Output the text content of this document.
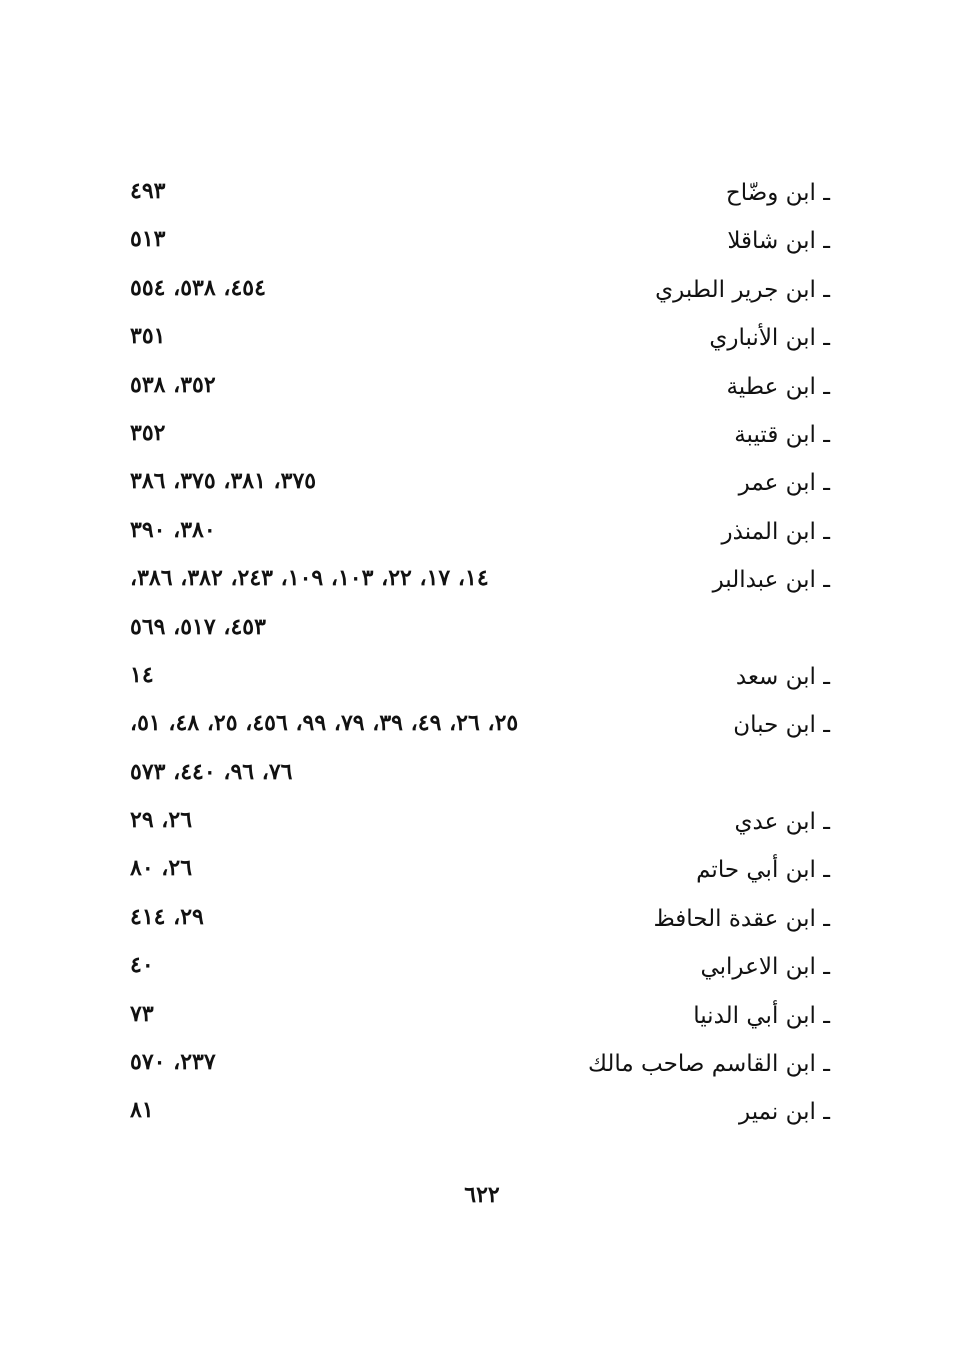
ـ ابن وضّاح
٤٩٣
ـ ابن شاقلا
٥١٣
ـ ابن جرير الطبري
٤٥٤، ٥٣٨، ٥٥٤
ـ ابن الأنباري
٣٥١
ـ ابن عطية
٣٥٢، ٥٣٨
ـ ابن قتيبة
٣٥٢
ـ ابن عمر
٣٧٥، ٣٨١، ٣٧٥، ٣٨٦
ـ ابن المنذر
٣٨٠، ٣٩٠
ـ ابن عبدالبر
١٤، ١٧، ٢٢، ١٠٣، ١٠٩، ٢٤٣، ٣٨٢، ٣٨٦،
٤٥٣، ٥١٧، ٥٦٩
ـ ابن سعد
١٤
ـ ابن حبان
٢٥، ٢٦، ٤٩، ٣٩، ٧٩، ٩٩، ٤٥٦، ٢٥، ٤٨، ٥١،
٧٦، ٩٦، ٤٤٠، ٥٧٣
ـ ابن عدي
٢٦، ٢٩
ـ ابن أبي حاتم
٢٦، ٨٠
ـ ابن عقدة الحافظ
٢٩، ٤١٤
ـ ابن الاعرابي
٤٠
ـ ابن أبي الدنيا
٧٣
ـ ابن القاسم صاحب مالك
٢٣٧، ٥٧٠
ـ ابن نمير
٨١
٦٢٢
